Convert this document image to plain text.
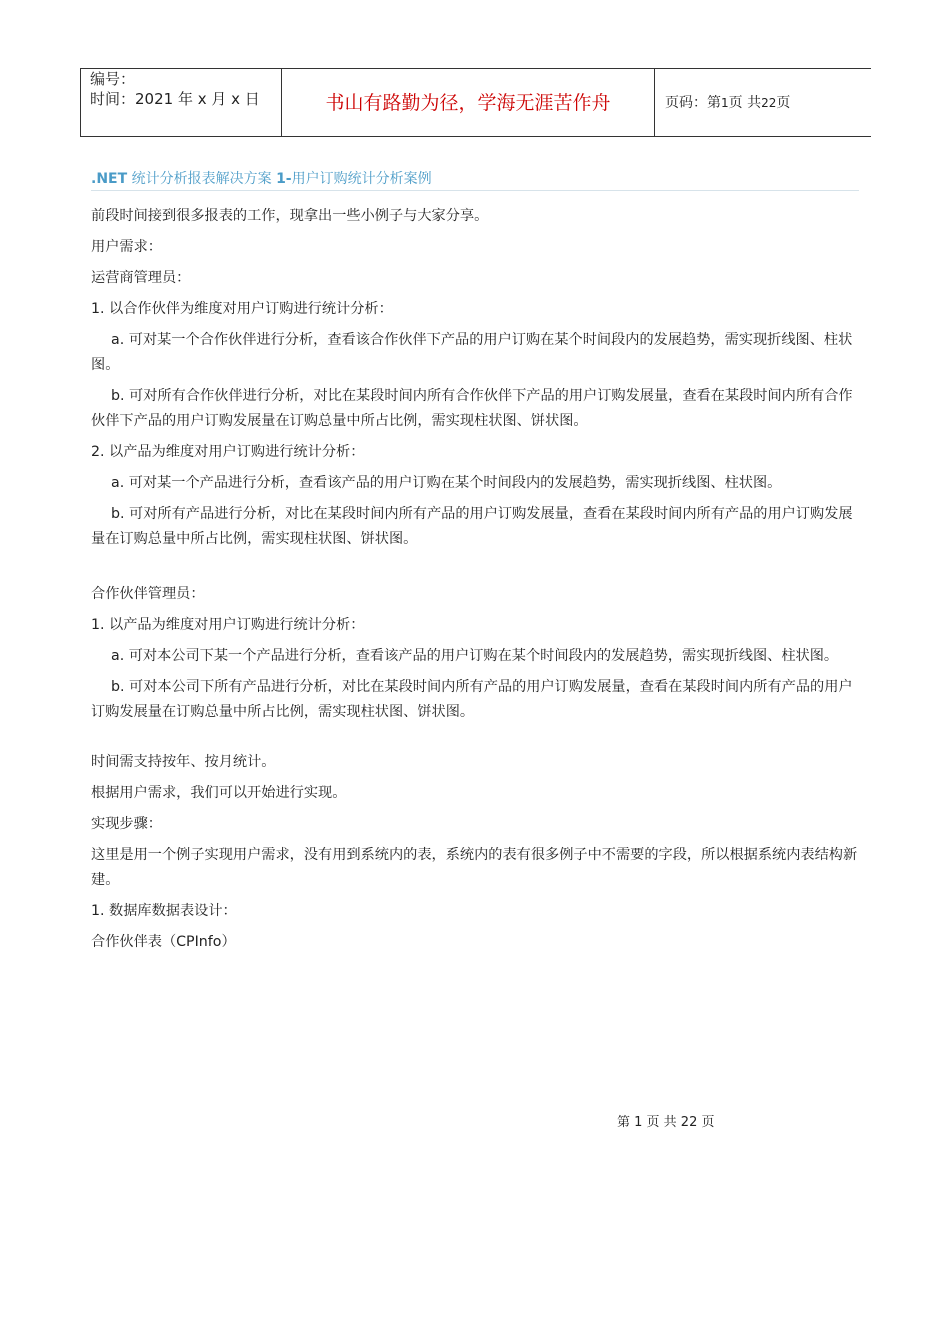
编号：
时间：2021 年 x 月 x 日	书山有路勤为径，学海无涯苦作舟	页码：第1页 共22页
.NET 统计分析报表解决方案 1-用户订购统计分析案例

前段时间接到很多报表的工作，现拿出一些小例子与大家分享。

用户需求：

运营商管理员：

1. 以合作伙伴为维度对用户订购进行统计分析：

a. 可对某一个合作伙伴进行分析，查看该合作伙伴下产品的用户订购在某个时间段内的发展趋势，需实现折线图、柱状图。

b. 可对所有合作伙伴进行分析，对比在某段时间内所有合作伙伴下产品的用户订购发展量，查看在某段时间内所有合作伙伴下产品的用户订购发展量在订购总量中所占比例，需实现柱状图、饼状图。

2. 以产品为维度对用户订购进行统计分析：

a. 可对某一个产品进行分析，查看该产品的用户订购在某个时间段内的发展趋势，需实现折线图、柱状图。

b. 可对所有产品进行分析，对比在某段时间内所有产品的用户订购发展量，查看在某段时间内所有产品的用户订购发展量在订购总量中所占比例，需实现柱状图、饼状图。

合作伙伴管理员：

1. 以产品为维度对用户订购进行统计分析：

a. 可对本公司下某一个产品进行分析，查看该产品的用户订购在某个时间段内的发展趋势，需实现折线图、柱状图。

b. 可对本公司下所有产品进行分析，对比在某段时间内所有产品的用户订购发展量，查看在某段时间内所有产品的用户订购发展量在订购总量中所占比例，需实现柱状图、饼状图。

时间需支持按年、按月统计。

根据用户需求，我们可以开始进行实现。

实现步骤：

这里是用一个例子实现用户需求，没有用到系统内的表，系统内的表有很多例子中不需要的字段，所以根据系统内表结构新建。

1. 数据库数据表设计：

合作伙伴表（CPInfo）

第 1 页 共 22 页
